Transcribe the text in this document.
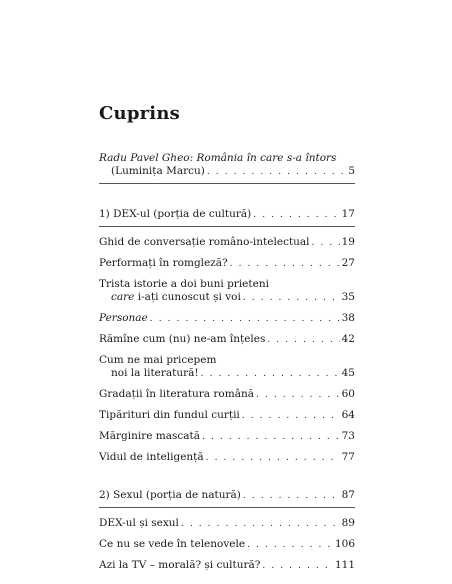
Cuprins
Radu Pavel Gheo: România în care s-a întors
(Luminița Marcu) . . .	5
1) DEX-ul (porția de cultură) . . .	17
Ghid de conversație româno-intelectual . . .	19
Performați în romgleză? . . .	27
Trista istorie a doi buni prieteni
care i-ați cunoscut și voi . . .	35
Personae . . .	38
Rămîne cum (nu) ne-am înțeles . . .	42
Cum ne mai pricepem
noi la literatură! . . .	45
Gradații în literatura română . . .	60
Tipărituri din fundul curții . . .	64
Mărginire mascată . . .	73
Vidul de inteligență . . .	77
2) Sexul (porția de natură) . . .	87
DEX-ul și sexul . . .	89
Ce nu se vede în telenovele . . .	106
Azi la TV – morală? și cultură? . . .	111
